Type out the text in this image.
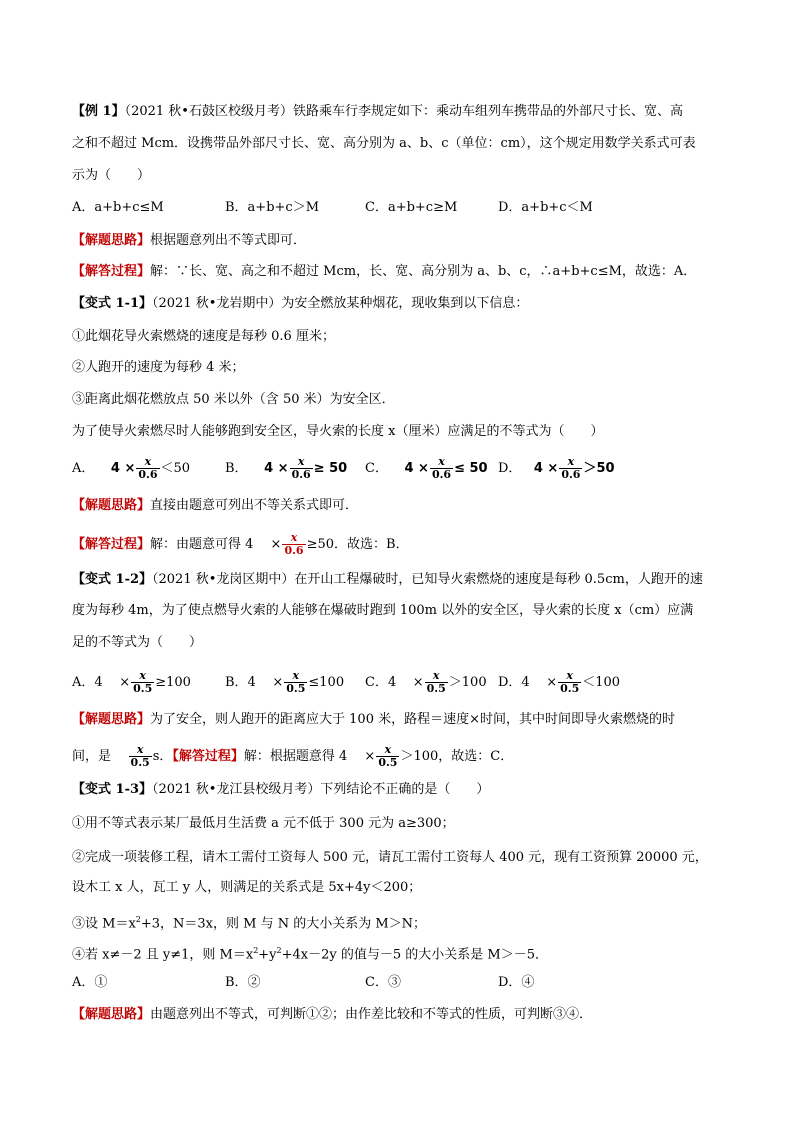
【例 1】（2021 秋•石鼓区校级月考）铁路乘车行李规定如下：乘动车组列车携带品的外部尺寸长、宽、高
之和不超过 Mcm．设携带品外部尺寸长、宽、高分别为 a、b、c（单位：cm），这个规定用数学关系式可表
示为（　　）
A．a+b+c≤M	B．a+b+c＞M	C．a+b+c≥M	D．a+b+c＜M
【解题思路】根据题意列出不等式即可．
【解答过程】解：∵长、宽、高之和不超过 Mcm，长、宽、高分别为 a、b、c，∴a+b+c≤M，故选：A．
【变式 1-1】（2021 秋•龙岩期中）为安全燃放某种烟花，现收集到以下信息：
①此烟花导火索燃烧的速度是每秒 0.6 厘米；
②人跑开的速度为每秒 4 米；
③距离此烟花燃放点 50 米以外（含 50 米）为安全区．
为了使导火索燃尽时人能够跑到安全区，导火索的长度 x（厘米）应满足的不等式为（　　）
A． $4 \times \frac{x}{0.6} <50$	B． $4 \times \frac{x}{0.6} \ge 50$ C． $4 \times \frac{x}{0.6} \le 50$ D． $4 \times \frac{x}{0.6} >50$
【解题思路】直接由题意可列出不等关系式即可．
【解答过程】解：由题意可得 4　 × $\frac{x}{0.6} \ge 50$．故选：B．
【变式 1-2】（2021 秋•龙岗区期中）在开山工程爆破时，已知导火索燃烧的速度是每秒 0.5cm，人跑开的速
度为每秒 4m，为了使点燃导火索的人能够在爆破时跑到 100m 以外的安全区，导火索的长度 x（cm）应满
足的不等式为（　　）
A．4    × $\frac{x}{0.5} \ge 100$	B．4    × $\frac{x}{0.5} \le 100$ C．4    × $\frac{x}{0.5} >100$ D．4    × $\frac{x}{0.5} <100$
【解题思路】为了安全，则人跑开的距离应大于 100 米，路程＝速度×时间，其中时间即导火索燃烧的时
间，是 $\frac{x}{0.5}$ s．【解答过程】解：根据题意得 4　 × $\frac{x}{0.5} >100$，故选：C．
【变式 1-3】（2021 秋•龙江县校级月考）下列结论不正确的是（　　）
①用不等式表示某厂最低月生活费 a 元不低于 300 元为 a≥300；
②完成一项装修工程，请木工需付工资每人 500 元，请瓦工需付工资每人 400 元，现有工资预算 20000 元，
设木工 x 人，瓦工 y 人，则满足的关系式是 5x+4y＜200；
③设 $M=x^2+3$，N＝3x，则 M 与 N 的大小关系为 M＞N；
④若 x≠－2 且 y≠1，则 $M=x^2+y^2+4x-2y$ 的值与－5 的大小关系是 M＞－5．
A．①	B．②	C．③	D．④
【解题思路】由题意列出不等式，可判断①②；由作差比较和不等式的性质，可判断③④．
